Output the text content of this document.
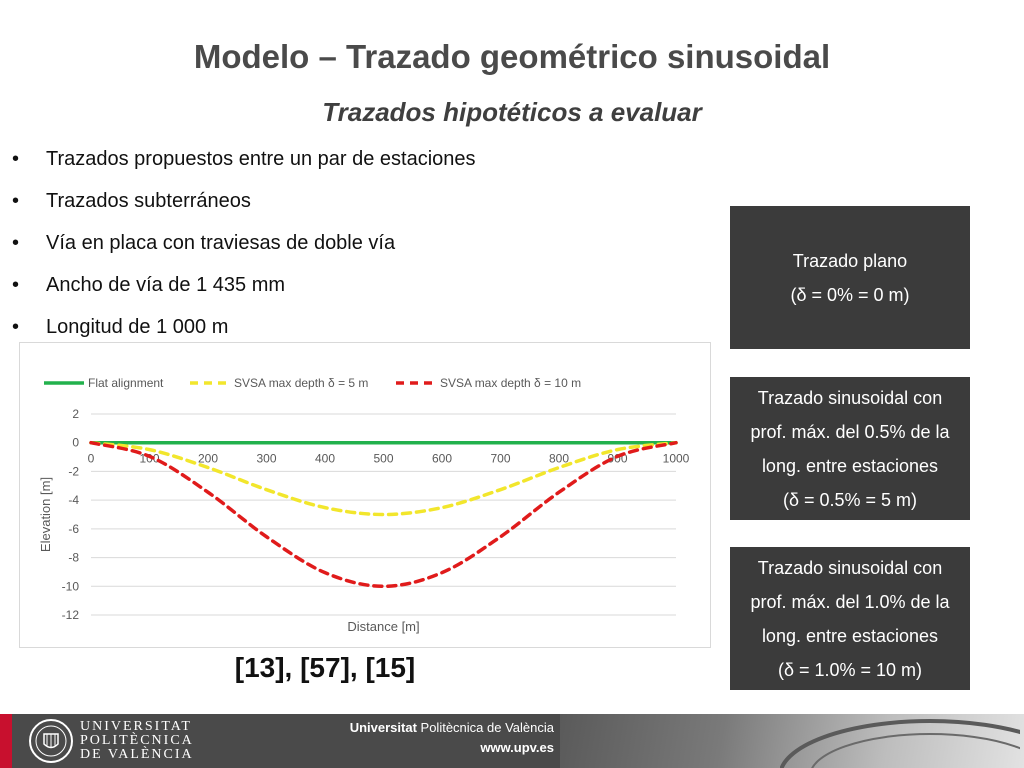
Modelo – Trazado geométrico sinusoidal
Trazados hipotéticos a evaluar
•	Trazados propuestos entre un par de estaciones
•	Trazados subterráneos
•	Vía en placa con traviesas de doble vía
•	Ancho de vía de 1 435 mm
•	Longitud de 1 000 m
2
0
-2
-4
-6
-8
-10
-12
0	100	200	300	400	500	600	700	800	900	1000
Flat alignment	SVSA max depth δ = 5 m	SVSA max depth δ = 10 m
Distance [m]
Elevation [m]
[13], [57], [15]
Trazado plano
(δ = 0% = 0 m)
Trazado sinusoidal con
prof. máx. del 0.5% de la
long. entre estaciones
(δ = 0.5% = 5 m)
Trazado sinusoidal con
prof. máx. del 1.0% de la
long. entre estaciones
(δ = 1.0% = 10 m)
UNIVERSITAT
POLITÈCNICA
DE VALÈNCIA
Universitat Politècnica de València
www.upv.es
